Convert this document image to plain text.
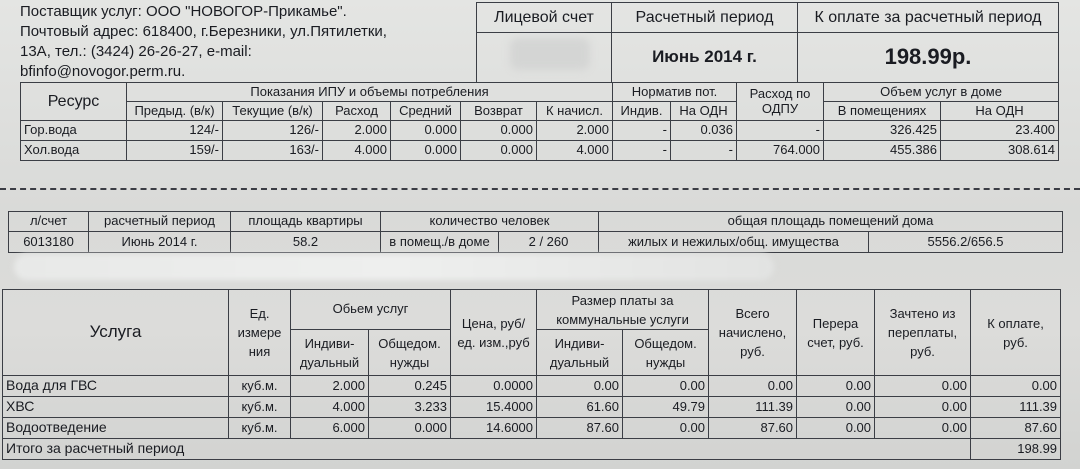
Поставщик услуг: ООО "НОВОГОР-Прикамье".
Почтовый адрес: 618400, г.Березники, ул.Пятилетки,
13А, тел.: (3424) 26-26-27, e-mail:
bfinfo@novogor.perm.ru.
Лицевой счет	Расчетный период	К оплате за расчетный период
	Июнь 2014 г.	198.99р.
Ресурс	Показания ИПУ и объемы потребления						Норматив пот.		Расход по ОДПУ	Объем услуг в доме	
	Предыд. (в/к)	Текущие (в/к)	Расход	Средний	Возврат	К начисл.	Индив.	На ОДН		В помещениях	На ОДН
Гор.вода	124/-	126/-	2.000	0.000	0.000	2.000	-	0.036	-	326.425	23.400
Хол.вода	159/-	163/-	4.000	0.000	0.000	4.000	-	-	764.000	455.386	308.614
л/счет	расчетный период	площадь квартиры	количество человек		общая площадь помещений дома	
6013180	Июнь 2014 г.	58.2	в помещ./в доме	2 / 260	жилых и нежилых/общ. имущества	5556.2/656.5
Услуга	Ед. измере ния	Обьем услуг		Цена, руб/ед. изм.,руб	Размер платы за коммунальные услуги		Всего начислено, руб.	Перера счет, руб.	Зачтено из переплаты, руб.	К оплате, руб.
		Индиви- дуальный	Общедом. нужды		Индиви- дуальный	Общедом. нужды				
Вода для ГВС	куб.м.	2.000	0.245	0.0000	0.00	0.00	0.00	0.00	0.00	0.00
ХВС	куб.м.	4.000	3.233	15.4000	61.60	49.79	111.39	0.00	0.00	111.39
Водоотведение	куб.м.	6.000	0.000	14.6000	87.60	0.00	87.60	0.00	0.00	87.60
Итого за расчетный период										198.99
